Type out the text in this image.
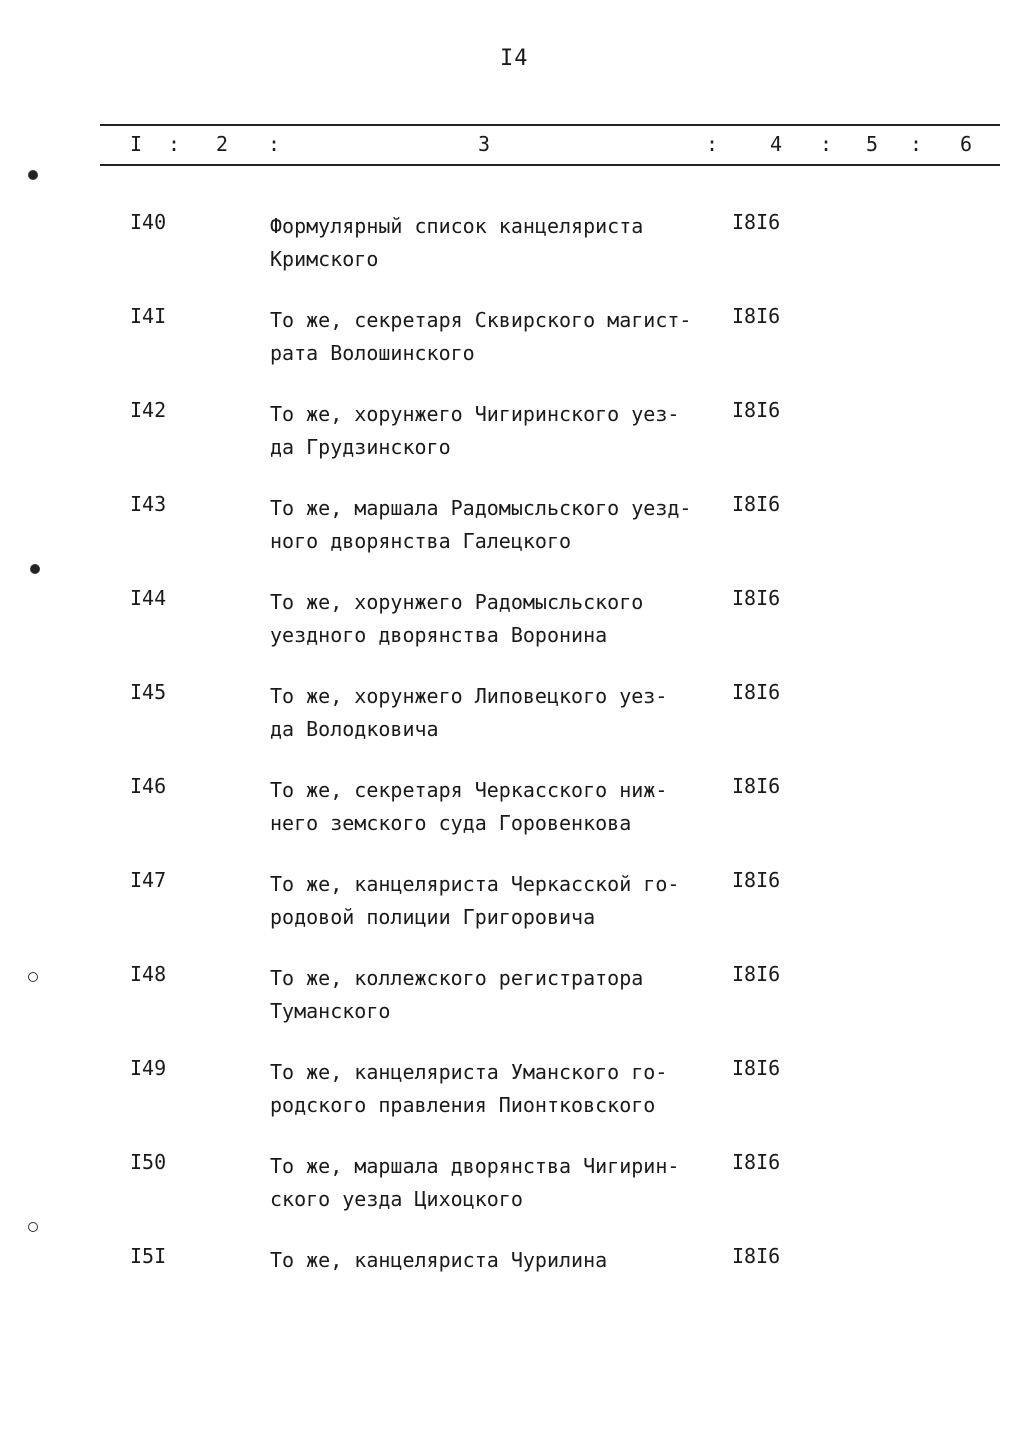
I4
I : 2 :	3	:	4 : 5 : 6
I40	Формулярный список канцеляриста
Кримского
I8I6
I4I	То же, секретаря Сквирского магист-
рата Волошинского
I8I6
I42	То же, хорунжего Чигиринского уез-
да Грудзинского
I8I6
I43	То же, маршала Радомысльского уезд-
ного дворянства Галецкого
I8I6
I44	То же, хорунжего Радомысльского
уездного дворянства Воронина
I8I6
I45	То же, хорунжего Липовецкого уез-
да Володковича
I8I6
I46	То же, секретаря Черкасского ниж-
него земского суда Горовенкова
I8I6
I47	То же, канцеляриста Черкасской го-
родовой полиции Григоровича
I8I6
I48	То же, коллежского регистратора
Туманского
I8I6
I49	То же, канцеляриста Уманского го-
родского правления Пионтковского
I8I6
I50	То же, маршала дворянства Чигирин-
ского уезда Цихоцкого
I8I6
I5I	То же, канцеляриста Чурилина	I8I6
